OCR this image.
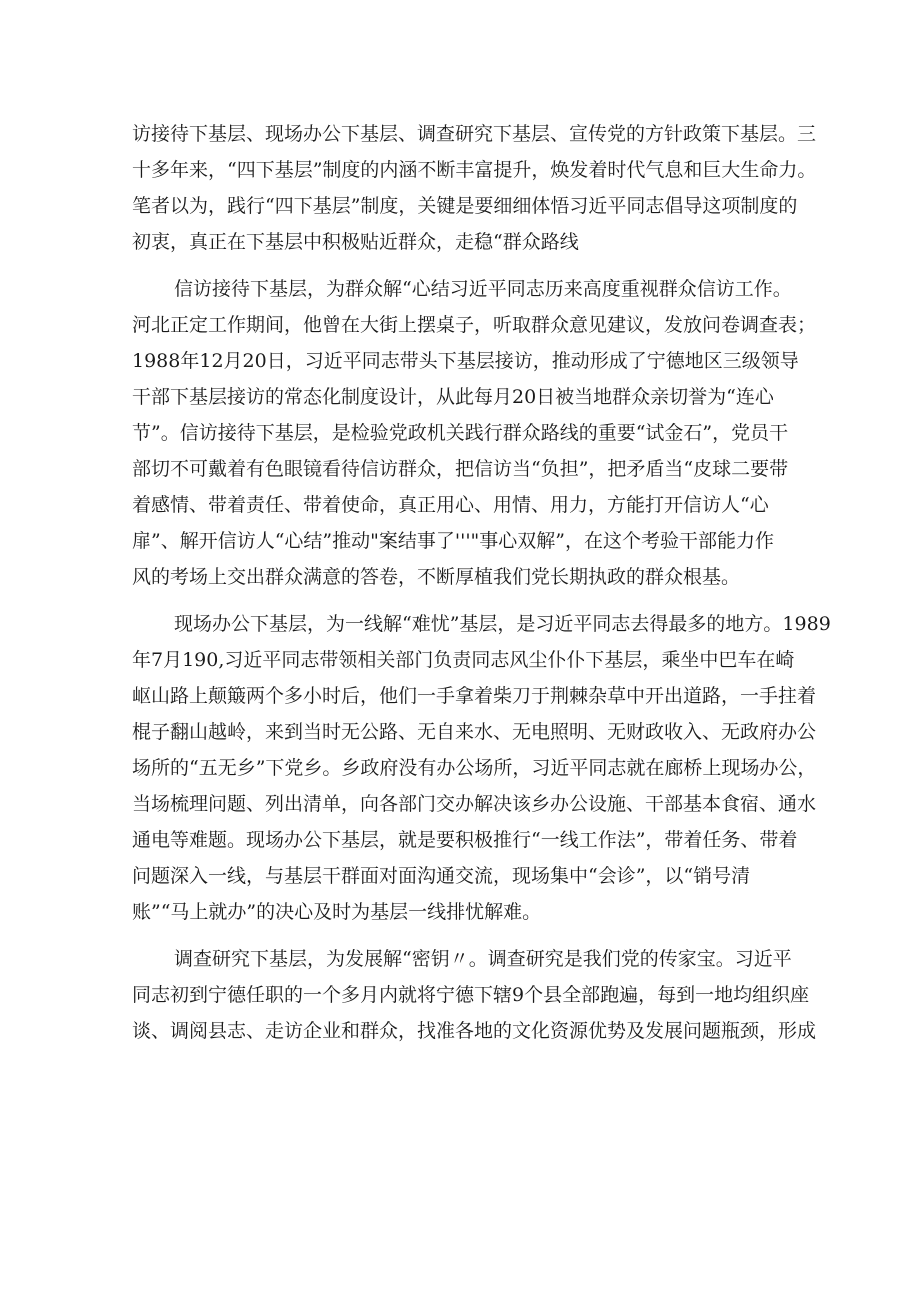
访接待下基层、现场办公下基层、调查研究下基层、宣传党的方针政策下基层。三
十多年来，“四下基层”制度的内涵不断丰富提升，焕发着时代气息和巨大生命力。
笔者以为，践行“四下基层”制度，关键是要细细体悟习近平同志倡导这项制度的
初衷，真正在下基层中积极贴近群众，走稳“群众路线

信访接待下基层，为群众解“心结习近平同志历来高度重视群众信访工作。
河北正定工作期间，他曾在大街上摆桌子，听取群众意见建议，发放问卷调查表；
1988年12月20日，习近平同志带头下基层接访，推动形成了宁德地区三级领导
干部下基层接访的常态化制度设计，从此每月20日被当地群众亲切誉为“连心
节”。信访接待下基层，是检验党政机关践行群众路线的重要“试金石”，党员干
部切不可戴着有色眼镜看待信访群众，把信访当“负担”，把矛盾当“皮球二要带
着感情、带着责任、带着使命，真正用心、用情、用力，方能打开信访人“心
扉”、解开信访人“心结”推动"案结事了'''"事心双解”，在这个考验干部能力作
风的考场上交出群众满意的答卷，不断厚植我们党长期执政的群众根基。

现场办公下基层，为一线解“难忧”基层，是习近平同志去得最多的地方。1989
年7月190,习近平同志带领相关部门负责同志风尘仆仆下基层，乘坐中巴车在崎
岖山路上颠簸两个多小时后，他们一手拿着柴刀于荆棘杂草中开出道路，一手拄着
棍子翻山越岭，来到当时无公路、无自来水、无电照明、无财政收入、无政府办公
场所的“五无乡”下党乡。乡政府没有办公场所，习近平同志就在廊桥上现场办公，
当场梳理问题、列出清单，向各部门交办解决该乡办公设施、干部基本食宿、通水
通电等难题。现场办公下基层，就是要积极推行“一线工作法”，带着任务、带着
问题深入一线，与基层干群面对面沟通交流，现场集中“会诊”，以“销号清
账”“马上就办”的决心及时为基层一线排忧解难。

调查研究下基层，为发展解“密钥〃。调查研究是我们党的传家宝。习近平
同志初到宁德任职的一个多月内就将宁德下辖9个县全部跑遍，每到一地均组织座
谈、调阅县志、走访企业和群众，找准各地的文化资源优势及发展问题瓶颈，形成
